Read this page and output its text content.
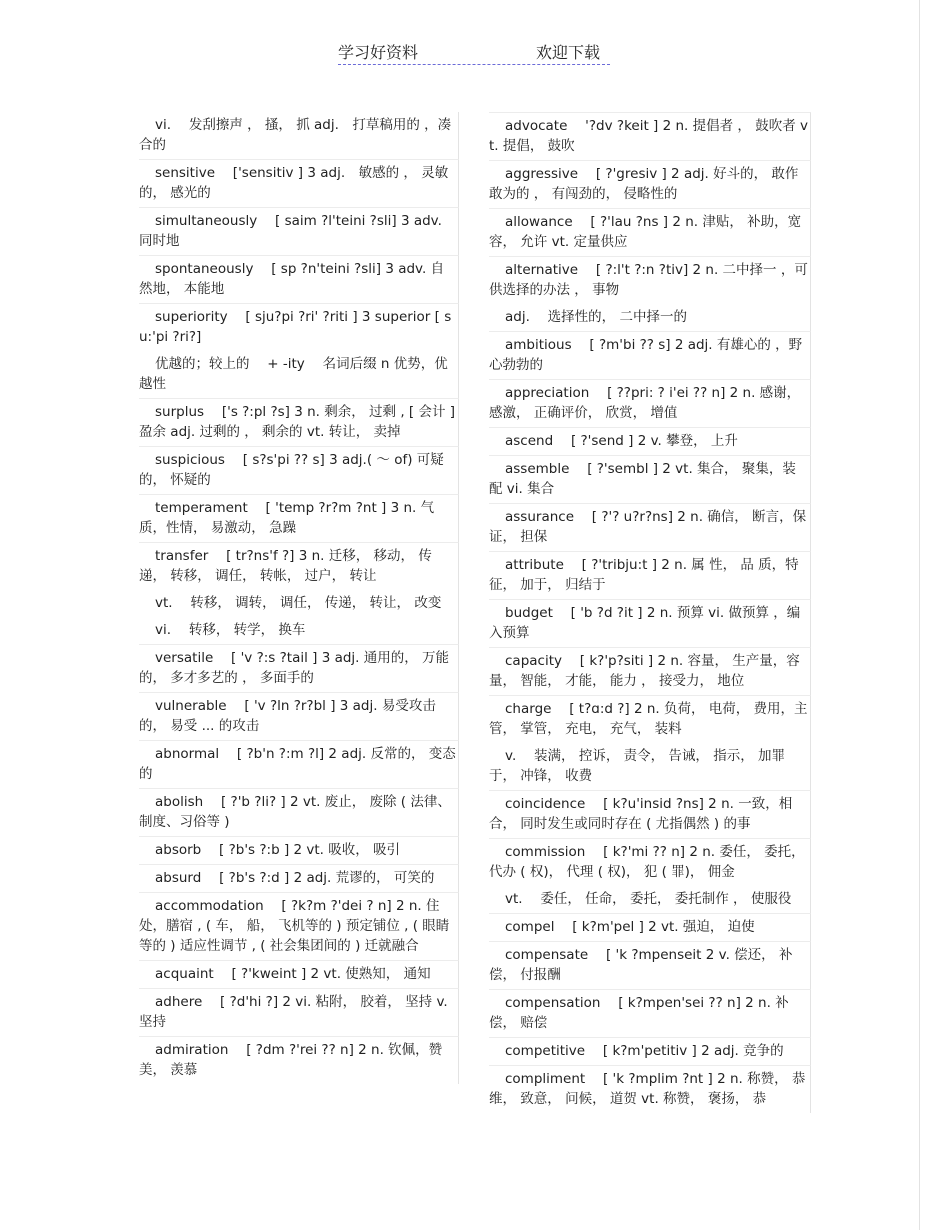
学习好资料	欢迎下载
vi.　 发刮擦声 ， 搔， 抓 adj.　打草稿用的 ，凑合的
sensitive　 ['sensitiv ] 3 adj.　敏感的 ， 灵敏的， 感光的
simultaneously　 [ saim ?l'teini ?sli] 3 adv.　同时地
spontaneously　 [ sp ?n'teini ?sli] 3 adv. 自然地， 本能地
superiority　 [ sju?pi ?ri' ?riti ] 3 superior [ su:'pi ?ri?]
优越的；较上的　 + -ity　 名词后缀 n 优势，优越性
surplus　 ['s ?:pl ?s] 3 n. 剩余， 过剩 , [ 会计 ] 盈余 adj. 过剩的 ， 剩余的 vt. 转让， 卖掉
suspicious　 [ s?s'pi ?? s] 3 adj.( ～ of) 可疑的， 怀疑的
temperament　 [ 'temp ?r?m ?nt ] 3 n. 气质，性情， 易激动， 急躁
transfer　 [ tr?ns'f ?] 3 n. 迁移， 移动， 传递， 转移， 调任， 转帐， 过户， 转让
vt.　 转移， 调转， 调任， 传递， 转让， 改变
vi.　 转移， 转学， 换车
versatile　 [ 'v ?:s ?tail ] 3 adj. 通用的， 万能的， 多才多艺的 ， 多面手的
vulnerable　 [ 'v ?ln ?r?bl ] 3 adj. 易受攻击的， 易受 ... 的攻击
abnormal　 [ ?b'n ?:m ?l] 2 adj. 反常的， 变态的
abolish　 [ ?'b ?li? ] 2 vt. 废止， 废除 ( 法律、制度、习俗等 )
absorb　 [ ?b's ?:b ] 2 vt. 吸收， 吸引
absurd　 [ ?b's ?:d ] 2 adj. 荒谬的， 可笑的
accommodation　 [ ?k?m ?'dei ? n] 2 n. 住处，膳宿 , ( 车， 船， 飞机等的 ) 预定铺位 , ( 眼睛等的 ) 适应性调节 , ( 社会集团间的 ) 迁就融合
acquaint　 [ ?'kweint ] 2 vt. 使熟知， 通知
adhere　 [ ?d'hi ?] 2 vi. 粘附， 胶着， 坚持 v. 坚持
admiration　 [ ?dm ?'rei ?? n] 2 n. 钦佩，赞美， 羡慕
advocate　 '?dv ?keit ] 2 n. 提倡者 ， 鼓吹者 vt. 提倡， 鼓吹
aggressive　 [ ?'gresiv ] 2 adj. 好斗的， 敢作敢为的 ， 有闯劲的， 侵略性的
allowance　 [ ?'lau ?ns ] 2 n. 津贴， 补助，宽容， 允许 vt. 定量供应
alternative　 [ ?:l't ?:n ?tiv] 2 n. 二中择一 ，可供选择的办法 ， 事物
adj.　 选择性的， 二中择一的
ambitious　 [ ?m'bi ?? s] 2 adj. 有雄心的 ，野心勃勃的
appreciation　 [ ??pri: ? i'ei ?? n] 2 n. 感谢，感激， 正确评价， 欣赏， 增值
ascend　 [ ?'send ] 2 v. 攀登， 上升
assemble　 [ ?'sembl ] 2 vt. 集合， 聚集，装配 vi. 集合
assurance　 [ ?'? u?r?ns] 2 n. 确信， 断言，保证， 担保
attribute　 [ ?'tribju:t ] 2 n. 属 性， 品 质，特征， 加于， 归结于
budget　 [ 'b ?d ?it ] 2 n. 预算 vi. 做预算 ，编入预算
capacity　 [ k?'p?siti ] 2 n. 容量， 生产量，容量， 智能， 才能， 能力 ， 接受力， 地位
charge　 [ t?ɑ:d ?] 2 n. 负荷， 电荷， 费用，主管， 掌管， 充电， 充气， 装料
v.　 装满， 控诉， 责令， 告诫， 指示， 加罪于， 冲锋， 收费
coincidence　 [ k?u'insid ?ns] 2 n. 一致，相合， 同时发生或同时存在 ( 尤指偶然 ) 的事
commission　 [ k?'mi ?? n] 2 n. 委任， 委托，代办 ( 权)， 代理 ( 权)， 犯 ( 罪)， 佣金
vt.　 委任， 任命， 委托， 委托制作 ， 使服役
compel　 [ k?m'pel ] 2 vt. 强迫， 迫使
compensate　 [ 'k ?mpenseit 2 v. 偿还， 补偿， 付报酬
compensation　 [ k?mpen'sei ?? n] 2 n. 补偿， 赔偿
competitive　 [ k?m'petitiv ] 2 adj. 竞争的
compliment　 [ 'k ?mplim ?nt ] 2 n. 称赞， 恭维， 致意， 问候， 道贺 vt. 称赞， 褒扬， 恭
